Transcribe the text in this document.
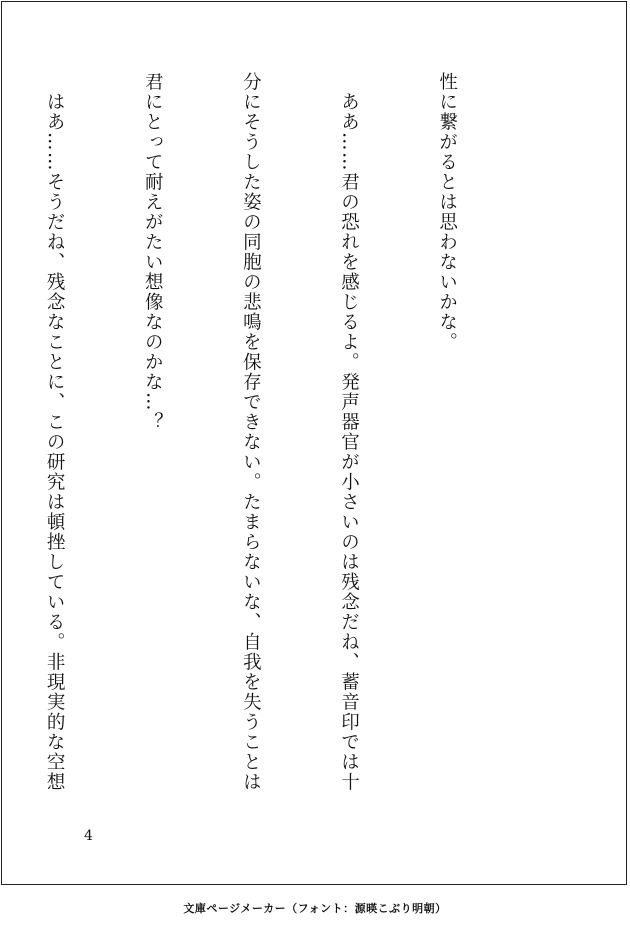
性に繋がるとは思わないかな。

　ああ……君の恐れを感じるよ。発声器官が小さいのは残念だね、蓄音印では十

分にそうした姿の同胞の悲鳴を保存できない。たまらないな、自我を失うことは

君にとって耐えがたい想像なのかな…？

　はあ……そうだね、残念なことに、この研究は頓挫している。非現実的な空想

4
文庫ページメーカー（フォント：源暎こぶり明朝）
